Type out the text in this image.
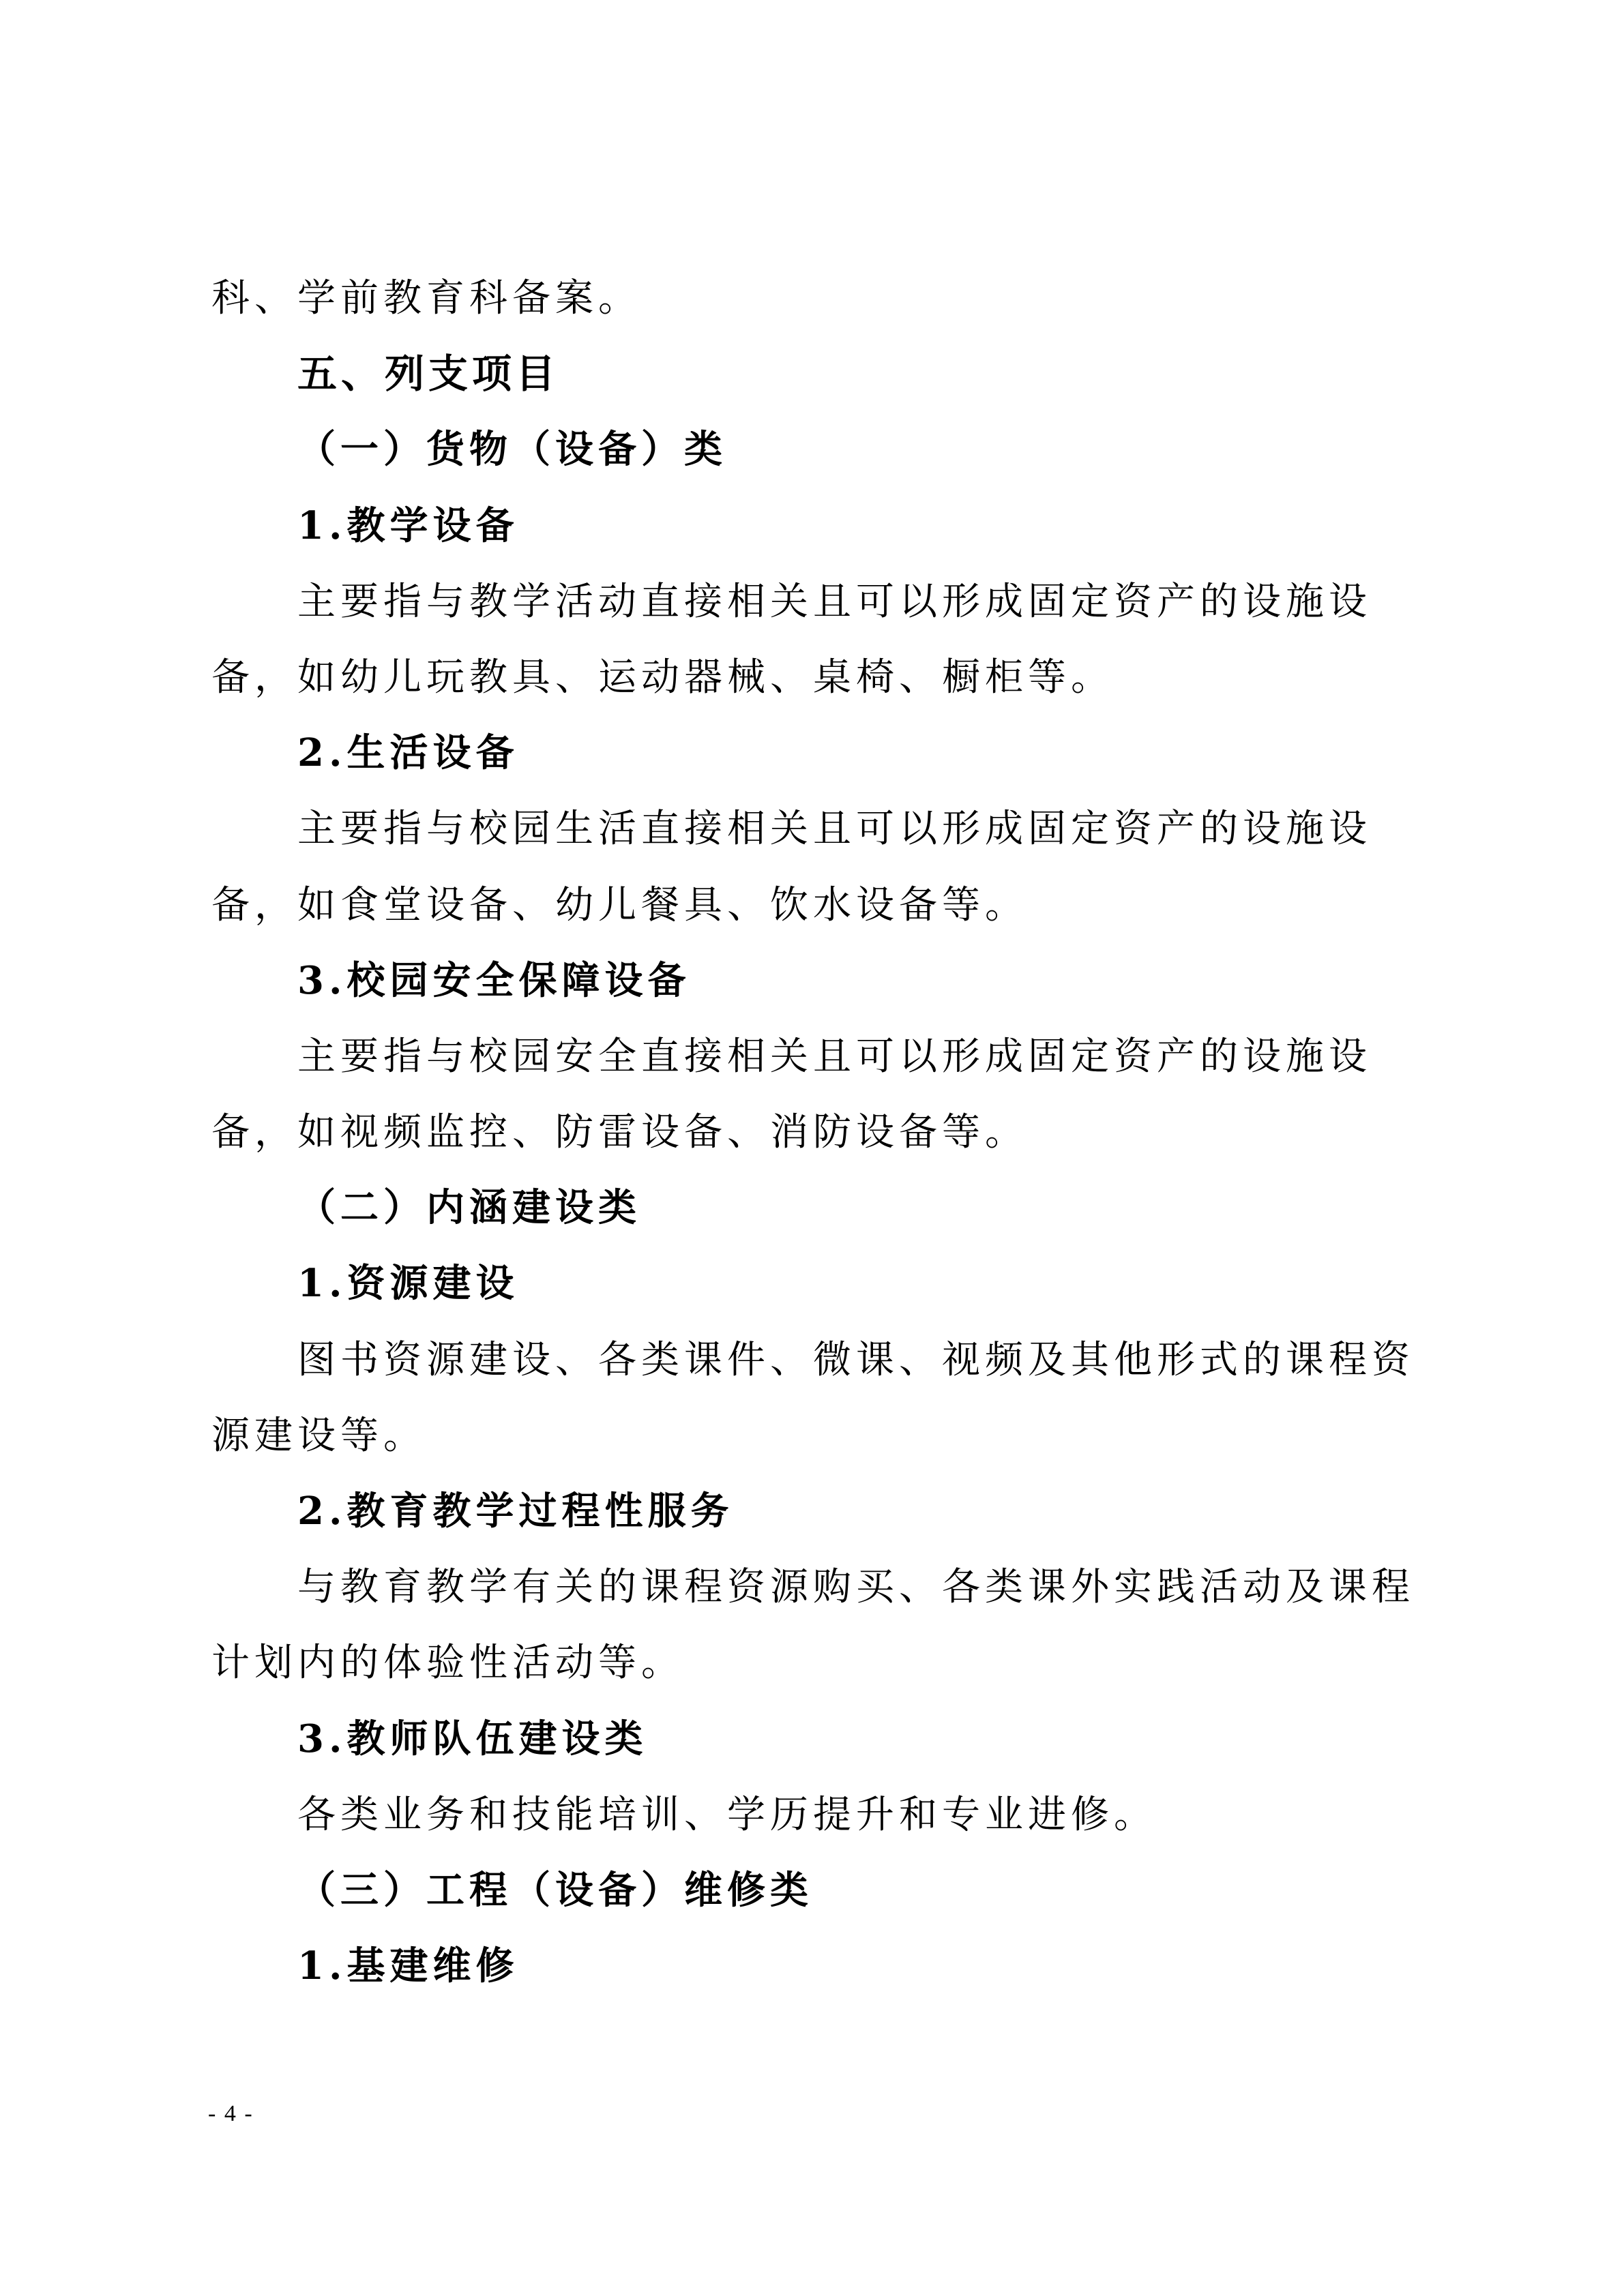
科、学前教育科备案。
五、列支项目
（一）货物（设备）类
1.教学设备
主要指与教学活动直接相关且可以形成固定资产的设施设
备，如幼儿玩教具、运动器械、桌椅、橱柜等。
2.生活设备
主要指与校园生活直接相关且可以形成固定资产的设施设
备，如食堂设备、幼儿餐具、饮水设备等。
3.校园安全保障设备
主要指与校园安全直接相关且可以形成固定资产的设施设
备，如视频监控、防雷设备、消防设备等。
（二）内涵建设类
1.资源建设
图书资源建设、各类课件、微课、视频及其他形式的课程资
源建设等。
2.教育教学过程性服务
与教育教学有关的课程资源购买、各类课外实践活动及课程
计划内的体验性活动等。
3.教师队伍建设类
各类业务和技能培训、学历提升和专业进修。
（三）工程（设备）维修类
1.基建维修
- 4 -
